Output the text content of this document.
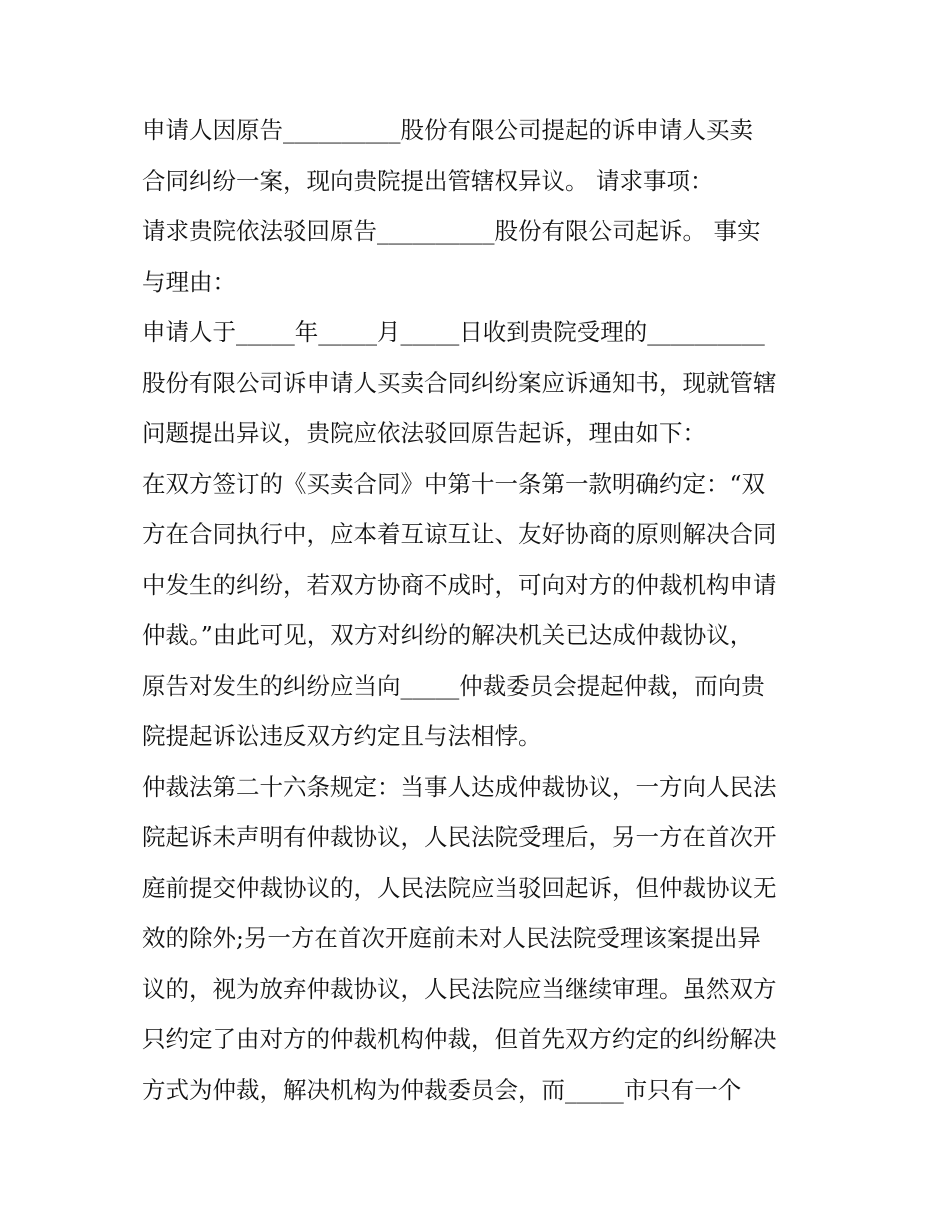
申请人因原告__________股份有限公司提起的诉申请人买卖
合同纠纷一案，现向贵院提出管辖权异议。 请求事项：
请求贵院依法驳回原告__________股份有限公司起诉。 事实
与理由：
申请人于_____年_____月_____日收到贵院受理的__________
股份有限公司诉申请人买卖合同纠纷案应诉通知书，现就管辖
问题提出异议，贵院应依法驳回原告起诉，理由如下：
在双方签订的《买卖合同》中第十一条第一款明确约定：“双
方在合同执行中，应本着互谅互让、友好协商的原则解决合同
中发生的纠纷，若双方协商不成时，可向对方的仲裁机构申请
仲裁。”由此可见，双方对纠纷的解决机关已达成仲裁协议，
原告对发生的纠纷应当向_____仲裁委员会提起仲裁，而向贵
院提起诉讼违反双方约定且与法相悖。
仲裁法第二十六条规定：当事人达成仲裁协议，一方向人民法
院起诉未声明有仲裁协议，人民法院受理后，另一方在首次开
庭前提交仲裁协议的，人民法院应当驳回起诉，但仲裁协议无
效的除外;另一方在首次开庭前未对人民法院受理该案提出异
议的，视为放弃仲裁协议，人民法院应当继续审理。虽然双方
只约定了由对方的仲裁机构仲裁，但首先双方约定的纠纷解决
方式为仲裁，解决机构为仲裁委员会，而_____市只有一个
